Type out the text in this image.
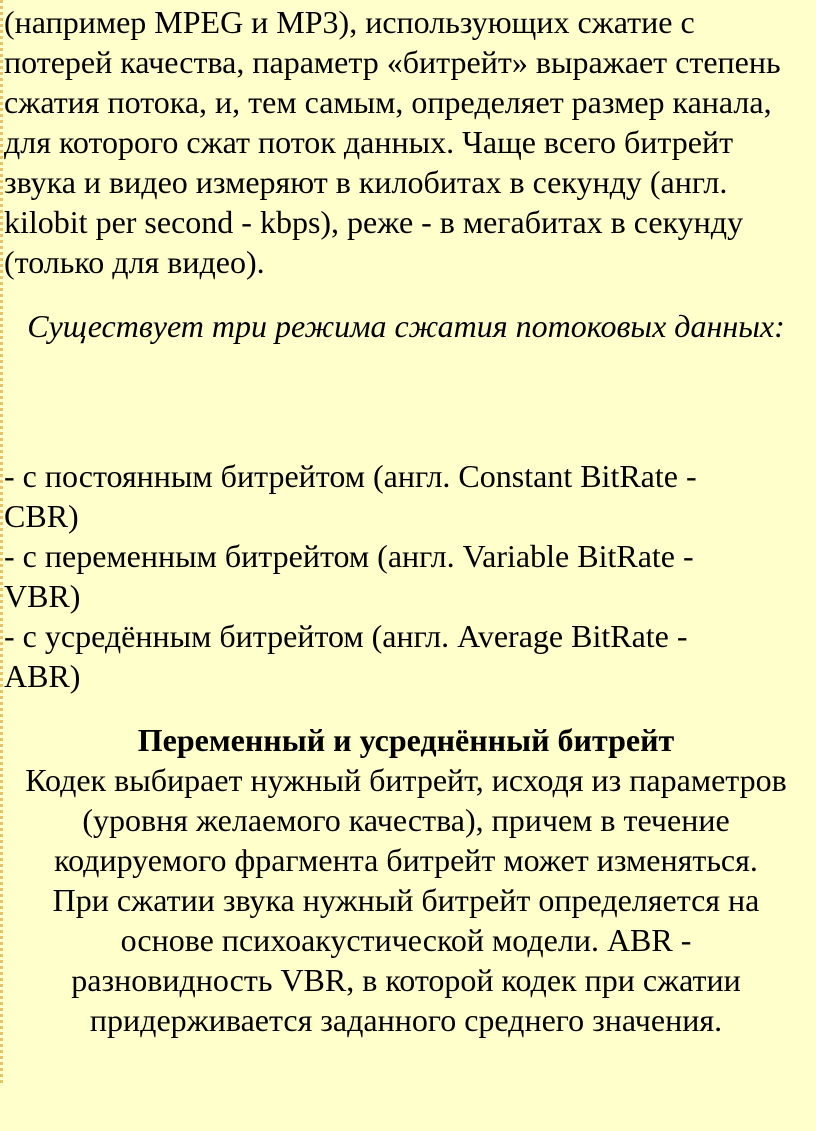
(например MPEG и MP3), использующих сжатие с потерей качества, параметр «битрейт» выражает степень сжатия потока, и, тем самым, определяет размер канала, для которого сжат поток данных. Чаще всего битрейт звука и видео измеряют в килобитах в секунду (англ. kilobit per second - kbps), реже - в мегабитах в секунду (только для видео).

Существует три режима сжатия потоковых данных:

- с постоянным битрейтом (англ. Constant BitRate -
CBR)
- с переменным битрейтом (англ. Variable BitRate -
VBR)
- с усредённым битрейтом (англ. Average BitRate -
ABR)

Переменный и усреднённый битрейт

Кодек выбирает нужный битрейт, исходя из параметров (уровня желаемого качества), причем в течение кодируемого фрагмента битрейт может изменяться. При сжатии звука нужный битрейт определяется на основе психоакустической модели. ABR - разновидность VBR, в которой кодек при сжатии придерживается заданного среднего значения.
